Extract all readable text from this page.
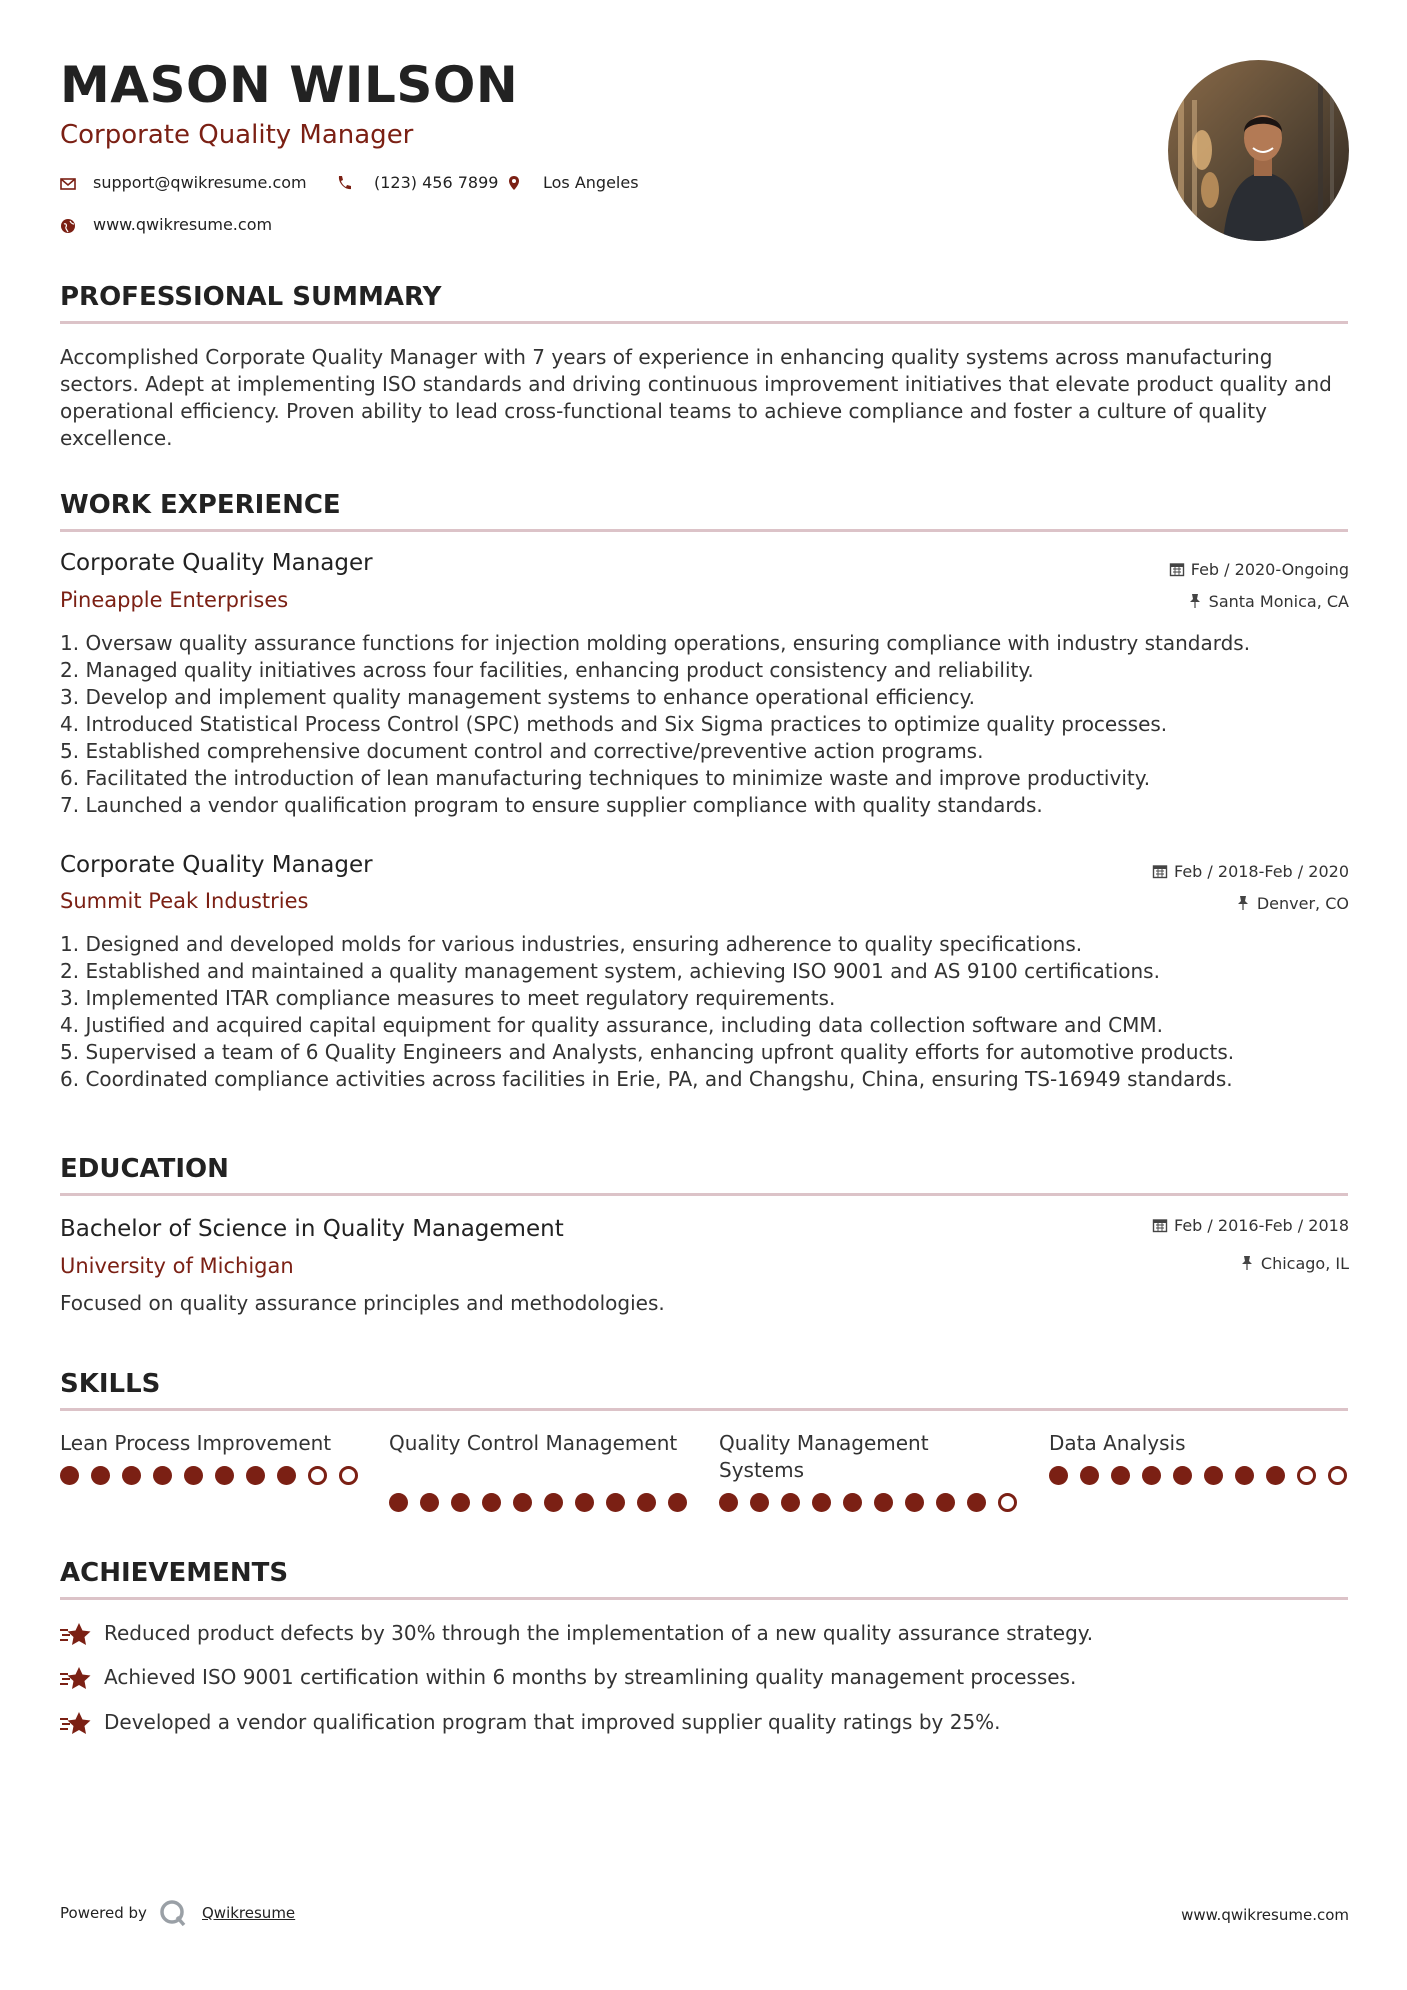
MASON WILSON
Corporate Quality Manager
support@qwikresume.com	(123) 456 7899	Los Angeles
www.qwikresume.com
PROFESSIONAL SUMMARY
Accomplished Corporate Quality Manager with 7 years of experience in enhancing quality systems across manufacturing sectors. Adept at implementing ISO standards and driving continuous improvement initiatives that elevate product quality and operational efficiency. Proven ability to lead cross-functional teams to achieve compliance and foster a culture of quality excellence.
WORK EXPERIENCE
Corporate Quality Manager
Pineapple Enterprises
Feb / 2020-Ongoing
Santa Monica, CA
1. Oversaw quality assurance functions for injection molding operations, ensuring compliance with industry standards.
2. Managed quality initiatives across four facilities, enhancing product consistency and reliability.
3. Develop and implement quality management systems to enhance operational efficiency.
4. Introduced Statistical Process Control (SPC) methods and Six Sigma practices to optimize quality processes.
5. Established comprehensive document control and corrective/preventive action programs.
6. Facilitated the introduction of lean manufacturing techniques to minimize waste and improve productivity.
7. Launched a vendor qualification program to ensure supplier compliance with quality standards.
Corporate Quality Manager
Summit Peak Industries
Feb / 2018-Feb / 2020
Denver, CO
1. Designed and developed molds for various industries, ensuring adherence to quality specifications.
2. Established and maintained a quality management system, achieving ISO 9001 and AS 9100 certifications.
3. Implemented ITAR compliance measures to meet regulatory requirements.
4. Justified and acquired capital equipment for quality assurance, including data collection software and CMM.
5. Supervised a team of 6 Quality Engineers and Analysts, enhancing upfront quality efforts for automotive products.
6. Coordinated compliance activities across facilities in Erie, PA, and Changshu, China, ensuring TS-16949 standards.
EDUCATION
Bachelor of Science in Quality Management
University of Michigan
Feb / 2016-Feb / 2018
Chicago, IL
Focused on quality assurance principles and methodologies.
SKILLS
Lean Process Improvement	Quality Control Management	Quality Management Systems
Data Analysis
ACHIEVEMENTS
Reduced product defects by 30% through the implementation of a new quality assurance strategy.
Achieved ISO 9001 certification within 6 months by streamlining quality management processes.
Developed a vendor qualification program that improved supplier quality ratings by 25%.
Powered by	Qwikresume	www.qwikresume.com
